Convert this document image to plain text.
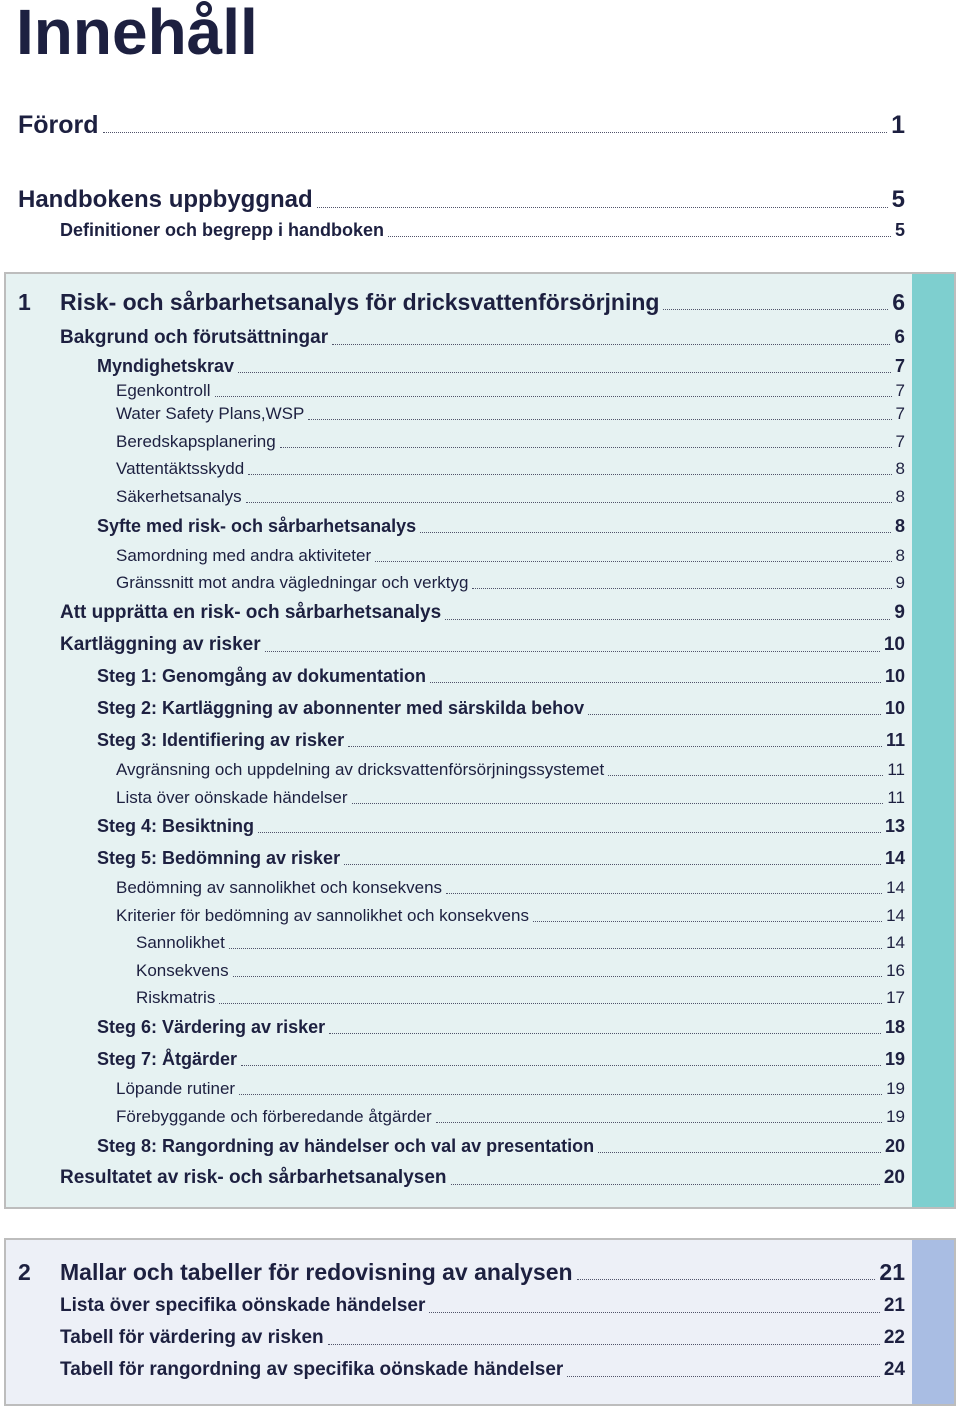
Innehåll
Förord	1
Handbokens uppbyggnad	5
Definitioner och begrepp i handboken	5
1	Risk- och sårbarhetsanalys för dricksvattenförsörjning	6
Bakgrund och förutsättningar	6
Myndighetskrav	7
Egenkontroll	7
Water Safety Plans,WSP	7
Beredskapsplanering	7
Vattentäktsskydd	8
Säkerhetsanalys	8
Syfte med risk- och sårbarhetsanalys	8
Samordning med andra aktiviteter	8
Gränssnitt mot andra vägledningar och verktyg	9
Att upprätta en risk- och sårbarhetsanalys	9
Kartläggning av risker	10
Steg 1: Genomgång av dokumentation	10
Steg 2: Kartläggning av abonnenter med särskilda behov	10
Steg 3: Identifiering av risker	11
Avgränsning och uppdelning av dricksvattenförsörjningssystemet	11
Lista över oönskade händelser	11
Steg 4: Besiktning	13
Steg 5: Bedömning av risker	14
Bedömning av sannolikhet och konsekvens	14
Kriterier för bedömning av sannolikhet och konsekvens	14
Sannolikhet	14
Konsekvens	16
Riskmatris	17
Steg 6: Värdering av risker	18
Steg 7: Åtgärder	19
Löpande rutiner	19
Förebyggande och förberedande åtgärder	19
Steg 8: Rangordning av händelser och val av presentation	20
Resultatet av risk- och sårbarhetsanalysen	20
2	Mallar och tabeller för redovisning av analysen	21
Lista över specifika oönskade händelser	21
Tabell för värdering av risken	22
Tabell för rangordning av specifika oönskade händelser	24
